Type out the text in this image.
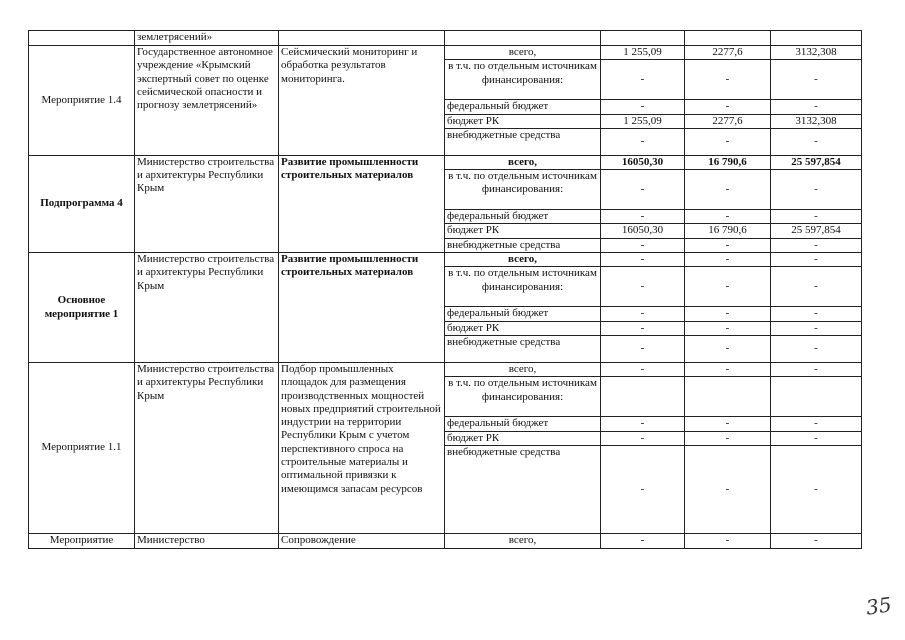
	землетрясений»					
Мероприятие 1.4	Государственное автономное учреждение «Крымский экспертный совет по оценке сейсмической опасности и прогнозу землетрясений»	Сейсмический мониторинг и обработка результатов мониторинга.	всего,	1 255,09	2277,6	3132,308
			в т.ч. по отдельным источникам финансирования:	-	-	-
			федеральный бюджет	-	-	-
			бюджет РК	1 255,09	2277,6	3132,308
			внебюджетные средства	-	-	-
Подпрограмма 4	Министерство строительства и архитектуры Республики Крым	Развитие промышленности строительных материалов	всего,	16050,30	16 790,6	25 597,854
			в т.ч. по отдельным источникам финансирования:	-	-	-
			федеральный бюджет	-	-	-
			бюджет РК	16050,30	16 790,6	25 597,854
			внебюджетные средства	-	-	-
Основное мероприятие 1	Министерство строительства и архитектуры Республики Крым	Развитие промышленности строительных материалов	всего,	-	-	-
			в т.ч. по отдельным источникам финансирования:	-	-	-
			федеральный бюджет	-	-	-
			бюджет РК	-	-	-
			внебюджетные средства	-	-	-
Мероприятие 1.1	Министерство строительства и архитектуры Республики Крым	Подбор промышленных площадок для размещения производственных мощностей новых предприятий строительной индустрии на территории Республики Крым с учетом перспективного спроса на строительные материалы и оптимальной привязки к имеющимся запасам ресурсов	всего,	-	-	-
			в т.ч. по отдельным источникам финансирования:			
			федеральный бюджет	-	-	-
			бюджет РК	-	-	-
			внебюджетные средства	-	-	-
Мероприятие	Министерство	Сопровождение	всего,	-	-	-
35
